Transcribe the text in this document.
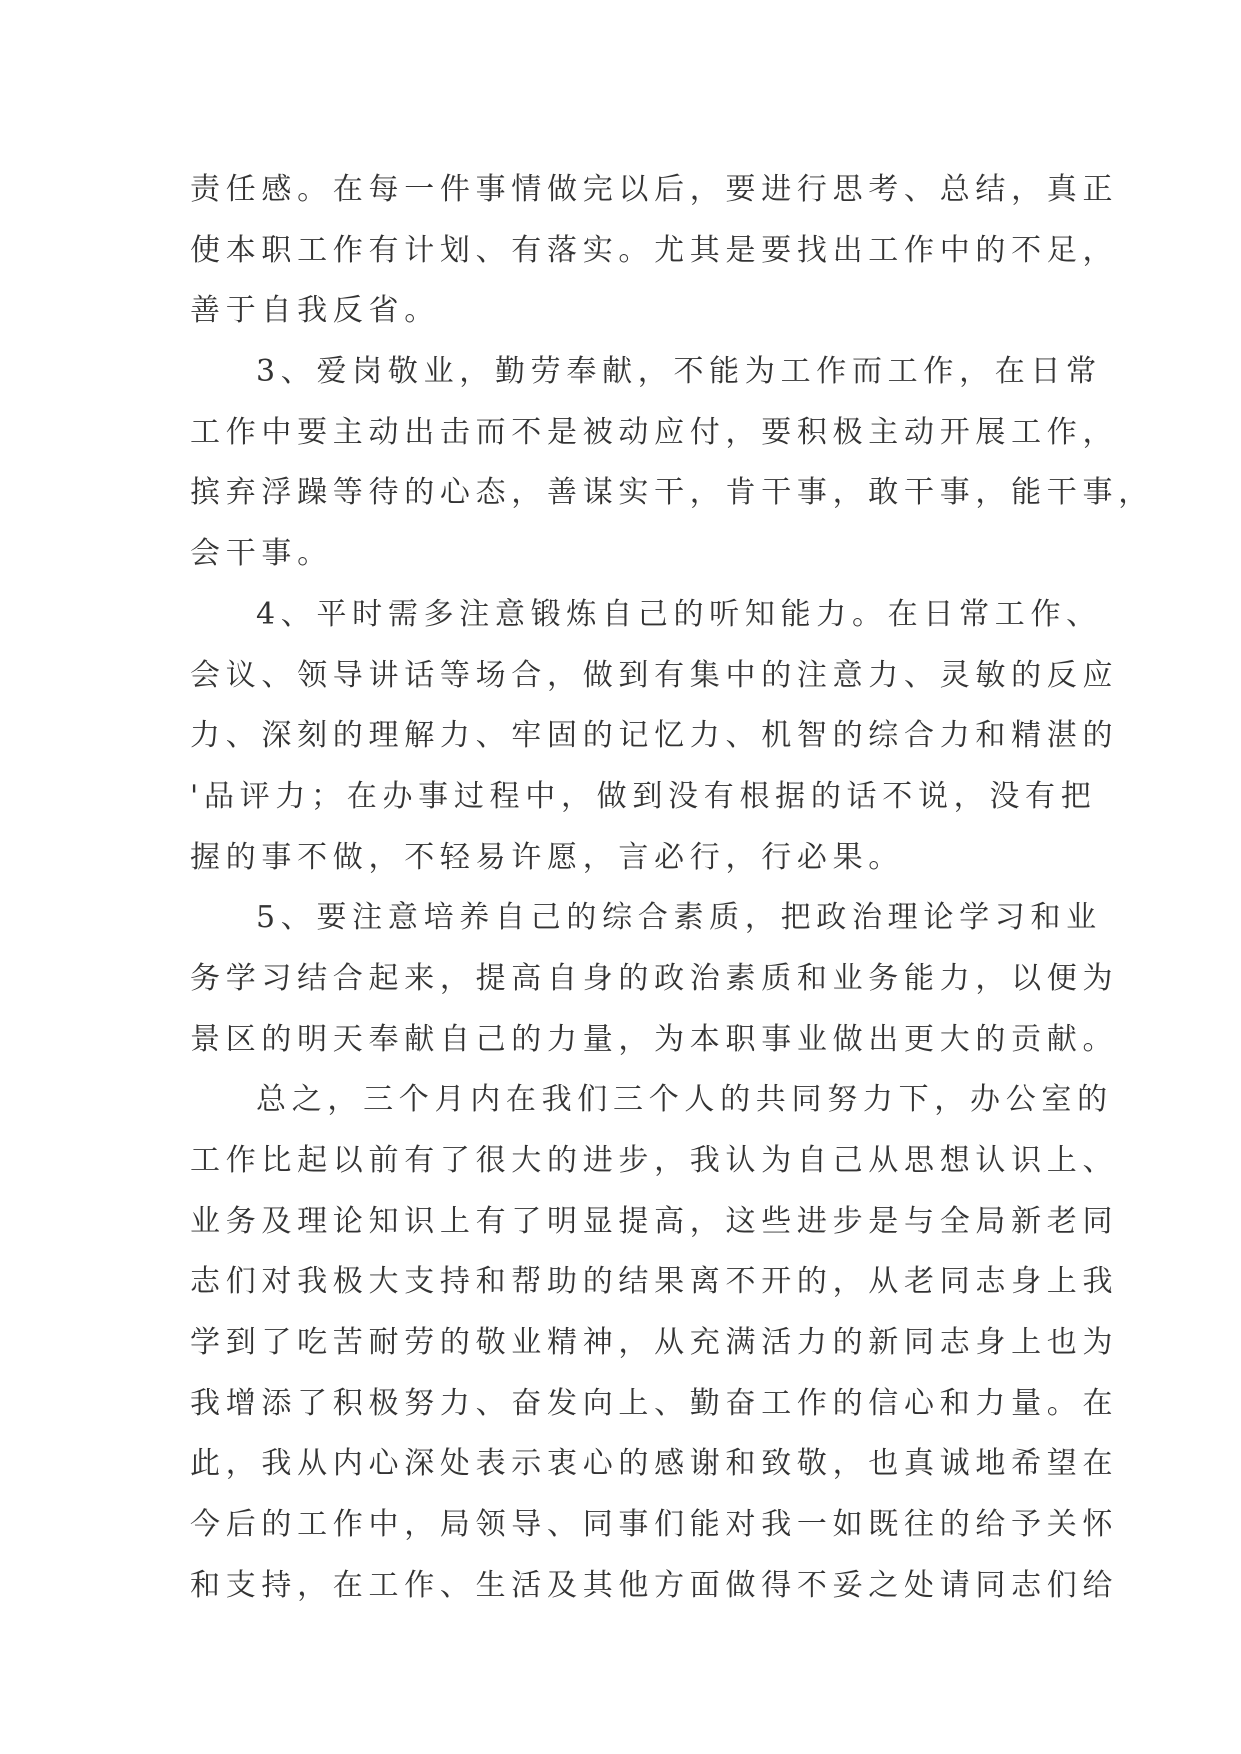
责任感。在每一件事情做完以后，要进行思考、总结，真正
使本职工作有计划、有落实。尤其是要找出工作中的不足，
善于自我反省。
3、爱岗敬业，勤劳奉献，不能为工作而工作，在日常
工作中要主动出击而不是被动应付，要积极主动开展工作，
摈弃浮躁等待的心态，善谋实干，肯干事，敢干事，能干事，
会干事。
4、平时需多注意锻炼自己的听知能力。在日常工作、
会议、领导讲话等场合，做到有集中的注意力、灵敏的反应
力、深刻的理解力、牢固的记忆力、机智的综合力和精湛的
'品评力；在办事过程中，做到没有根据的话不说，没有把
握的事不做，不轻易许愿，言必行，行必果。
5、要注意培养自己的综合素质，把政治理论学习和业
务学习结合起来，提高自身的政治素质和业务能力，以便为
景区的明天奉献自己的力量，为本职事业做出更大的贡献。
总之，三个月内在我们三个人的共同努力下，办公室的
工作比起以前有了很大的进步，我认为自己从思想认识上、
业务及理论知识上有了明显提高，这些进步是与全局新老同
志们对我极大支持和帮助的结果离不开的，从老同志身上我
学到了吃苦耐劳的敬业精神，从充满活力的新同志身上也为
我增添了积极努力、奋发向上、勤奋工作的信心和力量。在
此，我从内心深处表示衷心的感谢和致敬，也真诚地希望在
今后的工作中，局领导、同事们能对我一如既往的给予关怀
和支持，在工作、生活及其他方面做得不妥之处请同志们给
